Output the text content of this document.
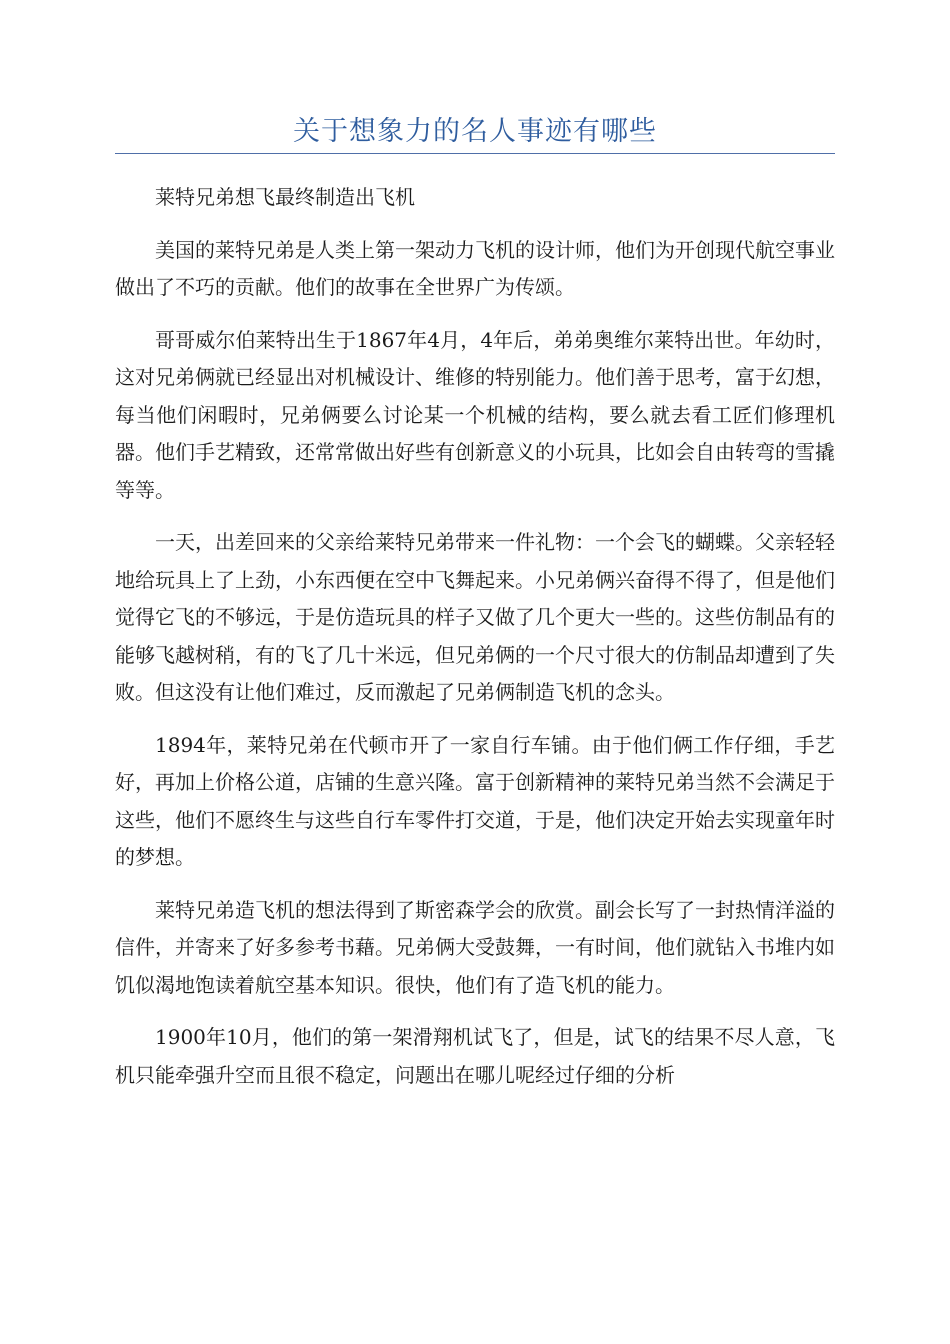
关于想象力的名人事迹有哪些

莱特兄弟想飞最终制造出飞机

美国的莱特兄弟是人类上第一架动力飞机的设计师，他们为开创现代航空事业做出了不巧的贡献。他们的故事在全世界广为传颂。

哥哥威尔伯莱特出生于1867年4月，4年后，弟弟奥维尔莱特出世。年幼时，这对兄弟俩就已经显出对机械设计、维修的特别能力。他们善于思考，富于幻想，每当他们闲暇时，兄弟俩要么讨论某一个机械的结构，要么就去看工匠们修理机器。他们手艺精致，还常常做出好些有创新意义的小玩具，比如会自由转弯的雪撬等等。

一天，出差回来的父亲给莱特兄弟带来一件礼物：一个会飞的蝴蝶。父亲轻轻地给玩具上了上劲，小东西便在空中飞舞起来。小兄弟俩兴奋得不得了，但是他们觉得它飞的不够远，于是仿造玩具的样子又做了几个更大一些的。这些仿制品有的能够飞越树稍，有的飞了几十米远，但兄弟俩的一个尺寸很大的仿制品却遭到了失败。但这没有让他们难过，反而激起了兄弟俩制造飞机的念头。

1894年，莱特兄弟在代顿市开了一家自行车铺。由于他们俩工作仔细，手艺好，再加上价格公道，店铺的生意兴隆。富于创新精神的莱特兄弟当然不会满足于这些，他们不愿终生与这些自行车零件打交道，于是，他们决定开始去实现童年时的梦想。

莱特兄弟造飞机的想法得到了斯密森学会的欣赏。副会长写了一封热情洋溢的信件，并寄来了好多参考书藉。兄弟俩大受鼓舞，一有时间，他们就钻入书堆内如饥似渴地饱读着航空基本知识。很快，他们有了造飞机的能力。

1900年10月，他们的第一架滑翔机试飞了，但是，试飞的结果不尽人意，飞机只能牵强升空而且很不稳定，问题出在哪儿呢经过仔细的分析
